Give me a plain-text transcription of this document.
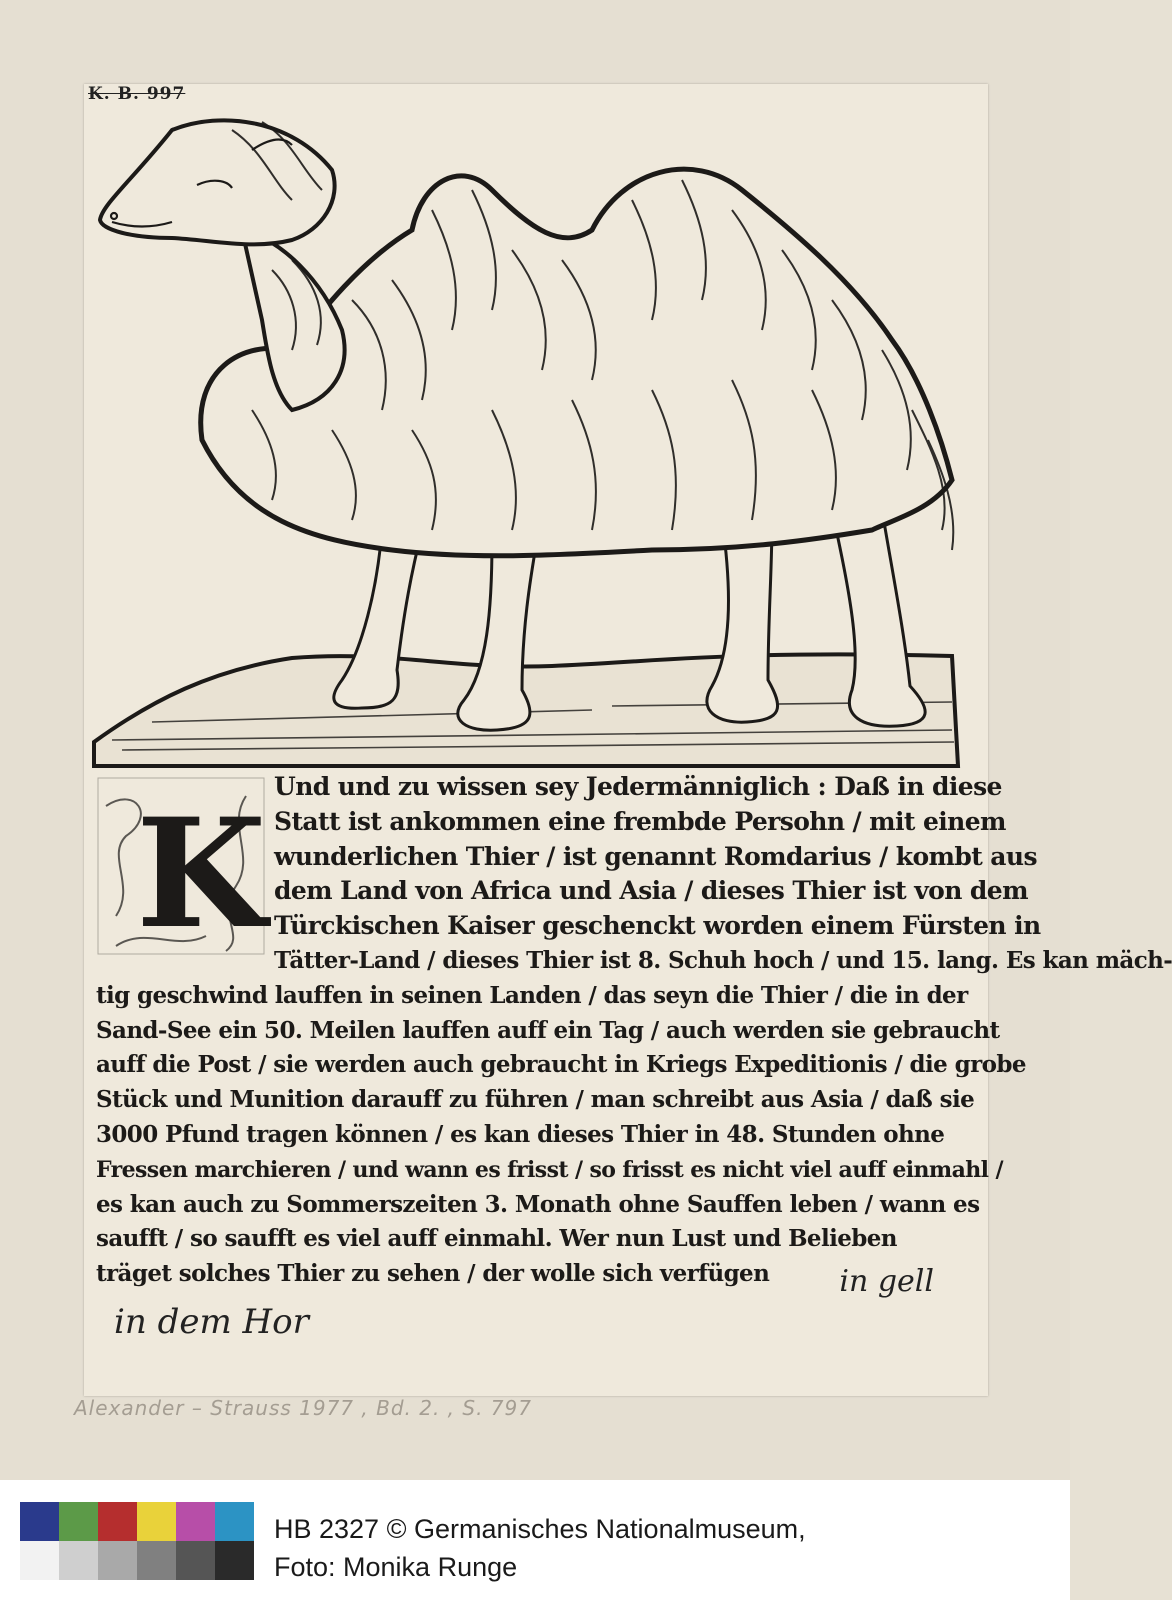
K. B. 997
K Und und zu wissen sey Jedermänniglich : Daß in diese
Statt ist ankommen eine frembde Persohn / mit einem
wunderlichen Thier / ist genannt Romdarius / kombt aus
dem Land von Africa und Asia / dieses Thier ist von dem
Türckischen Kaiser geschenckt worden einem Fürsten in
Tätter-Land / dieses Thier ist 8. Schuh hoch / und 15. lang. Es kan mäch-
tig geschwind lauffen in seinen Landen / das seyn die Thier / die in der
Sand-See ein 50. Meilen lauffen auff ein Tag / auch werden sie gebraucht
auff die Post / sie werden auch gebraucht in Kriegs Expeditionis / die grobe
Stück und Munition darauff zu führen / man schreibt aus Asia / daß sie
3000 Pfund tragen können / es kan dieses Thier in 48. Stunden ohne
Fressen marchieren / und wann es frisst / so frisst es nicht viel auff einmahl /
es kan auch zu Sommerszeiten 3. Monath ohne Sauffen leben / wann es
saufft / so saufft es viel auff einmahl. Wer nun Lust und Belieben
träget solches Thier zu sehen / der wolle sich verfügen	in gell
in dem Hor
Alexander – Strauss 1977 , Bd. 2. , S. 797
HB 2327 © Germanisches Nationalmuseum,
Foto: Monika Runge
